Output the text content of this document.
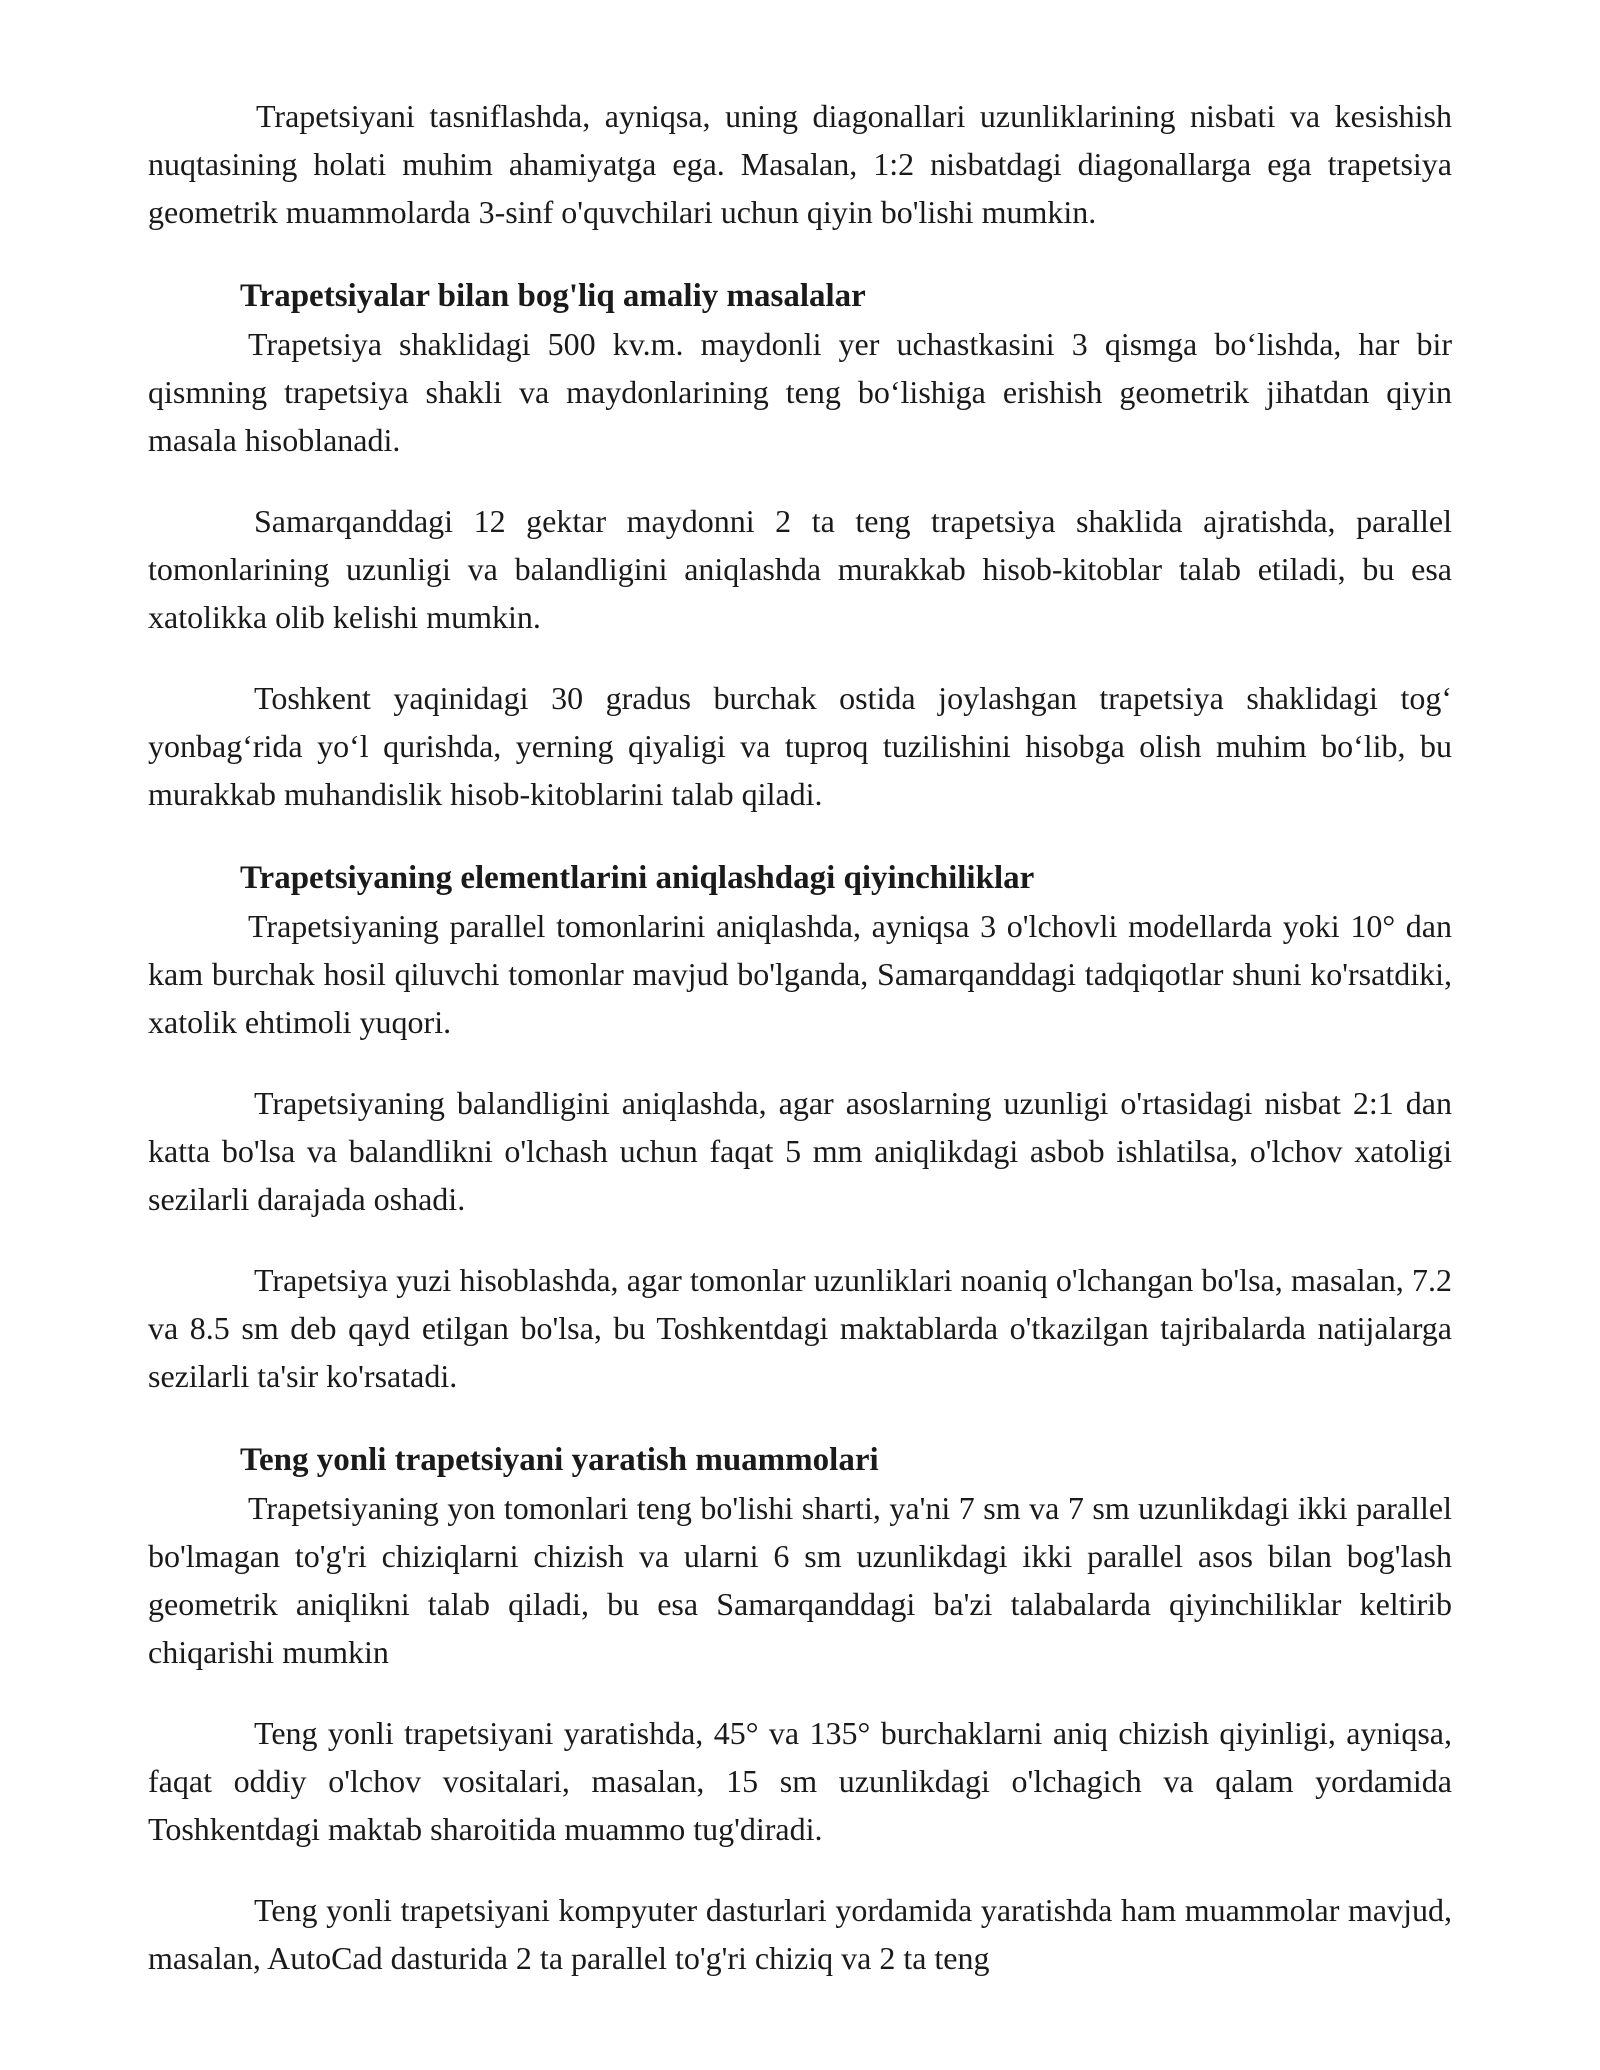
Trapetsiyani tasniflashda, ayniqsa, uning diagonallari uzunliklarining nisbati va kesishish nuqtasining holati muhim ahamiyatga ega. Masalan, 1:2 nisbatdagi diagonallarga ega trapetsiya geometrik muammolarda 3-sinf o'quvchilari uchun qiyin bo'lishi mumkin.

Trapetsiyalar bilan bog'liq amaliy masalalar

Trapetsiya shaklidagi 500 kv.m. maydonli yer uchastkasini 3 qismga bo‘lishda, har bir qismning trapetsiya shakli va maydonlarining teng bo‘lishiga erishish geometrik jihatdan qiyin masala hisoblanadi.

Samarqanddagi 12 gektar maydonni 2 ta teng trapetsiya shaklida ajratishda, parallel tomonlarining uzunligi va balandligini aniqlashda murakkab hisob-kitoblar talab etiladi, bu esa xatolikka olib kelishi mumkin.

Toshkent yaqinidagi 30 gradus burchak ostida joylashgan trapetsiya shaklidagi tog‘ yonbag‘rida yo‘l qurishda, yerning qiyaligi va tuproq tuzilishini hisobga olish muhim bo‘lib, bu murakkab muhandislik hisob-kitoblarini talab qiladi.

Trapetsiyaning elementlarini aniqlashdagi qiyinchiliklar

Trapetsiyaning parallel tomonlarini aniqlashda, ayniqsa 3 o'lchovli modellarda yoki 10° dan kam burchak hosil qiluvchi tomonlar mavjud bo'lganda, Samarqanddagi tadqiqotlar shuni ko'rsatdiki, xatolik ehtimoli yuqori.

Trapetsiyaning balandligini aniqlashda, agar asoslarning uzunligi o'rtasidagi nisbat 2:1 dan katta bo'lsa va balandlikni o'lchash uchun faqat 5 mm aniqlikdagi asbob ishlatilsa, o'lchov xatoligi sezilarli darajada oshadi.

Trapetsiya yuzi hisoblashda, agar tomonlar uzunliklari noaniq o'lchangan bo'lsa, masalan, 7.2 va 8.5 sm deb qayd etilgan bo'lsa, bu Toshkentdagi maktablarda o'tkazilgan tajribalarda natijalarga sezilarli ta'sir ko'rsatadi.

Teng yonli trapetsiyani yaratish muammolari

Trapetsiyaning yon tomonlari teng bo'lishi sharti, ya'ni 7 sm va 7 sm uzunlikdagi ikki parallel bo'lmagan to'g'ri chiziqlarni chizish va ularni 6 sm uzunlikdagi ikki parallel asos bilan bog'lash geometrik aniqlikni talab qiladi, bu esa Samarqanddagi ba'zi talabalarda qiyinchiliklar keltirib chiqarishi mumkin

Teng yonli trapetsiyani yaratishda, 45° va 135° burchaklarni aniq chizish qiyinligi, ayniqsa, faqat oddiy o'lchov vositalari, masalan, 15 sm uzunlikdagi o'lchagich va qalam yordamida Toshkentdagi maktab sharoitida muammo tug'diradi.

Teng yonli trapetsiyani kompyuter dasturlari yordamida yaratishda ham muammolar mavjud, masalan, AutoCad dasturida 2 ta parallel to'g'ri chiziq va 2 ta teng
